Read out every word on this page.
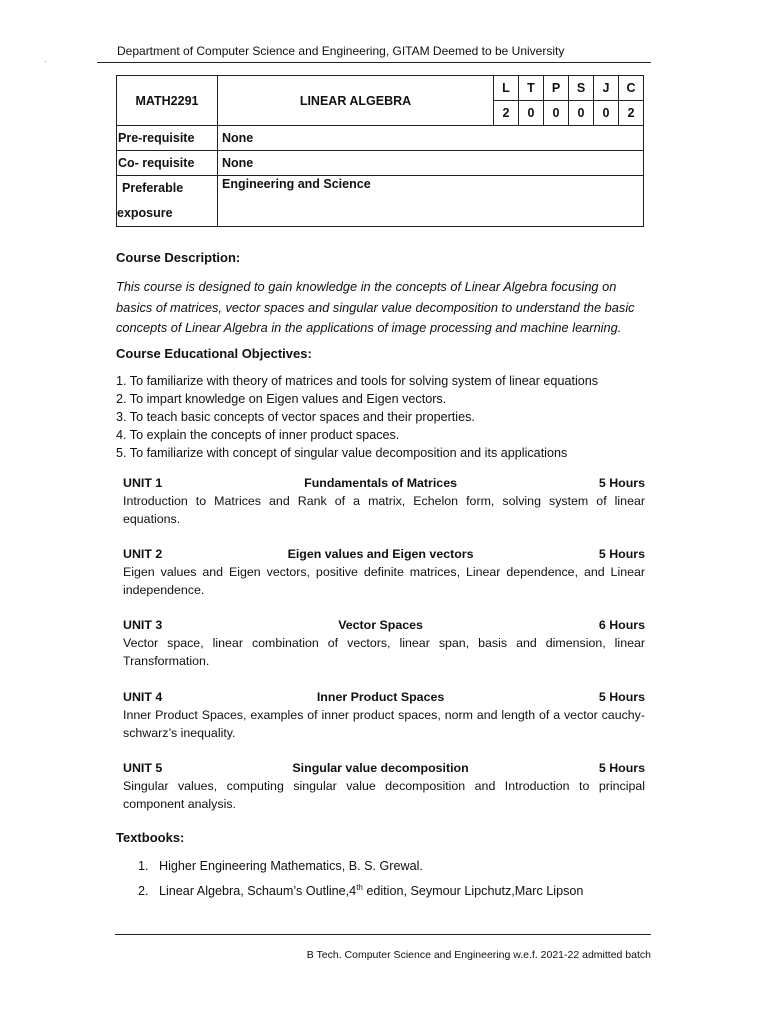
·
Department of Computer Science and Engineering, GITAM Deemed to be University
MATH2291	LINEAR ALGEBRA	L	T	P	S	J	C
		2	0	0	0	0	2
Pre-requisite	None						
Co- requisite	None						

Preferable
exposure	Engineering and Science						
Course Description:
This course is designed to gain knowledge in the concepts of Linear Algebra focusing on basics of matrices, vector spaces and singular value decomposition to understand the basic concepts of Linear Algebra in the applications of image processing and machine learning.
Course Educational Objectives:
1. To familiarize with theory of matrices and tools for solving system of linear equations
2. To impart knowledge on Eigen values and Eigen vectors.
3. To teach basic concepts of vector spaces and their properties.
4. To explain the concepts of inner product spaces.
5. To familiarize with concept of singular value decomposition and its applications
UNIT 1	Fundamentals of Matrices	5 Hours
Introduction to Matrices and Rank of a matrix, Echelon form, solving system of linear equations.
UNIT 2	Eigen values and Eigen vectors	5 Hours
Eigen values and Eigen vectors, positive definite matrices, Linear dependence, and Linear independence.
UNIT 3	Vector Spaces	6 Hours
Vector space, linear combination of vectors, linear span, basis and dimension, linear Transformation.
UNIT 4	Inner Product Spaces	5 Hours
Inner Product Spaces, examples of inner product spaces, norm and length of a vector cauchy-schwarz’s inequality.
UNIT 5	Singular value decomposition	5 Hours
Singular values, computing singular value decomposition and Introduction to principal component analysis.
Textbooks:
1. Higher Engineering Mathematics, B. S. Grewal.
2. Linear Algebra, Schaum’s Outline,4th edition, Seymour Lipchutz,Marc Lipson
B Tech. Computer Science and Engineering w.e.f. 2021-22 admitted batch
